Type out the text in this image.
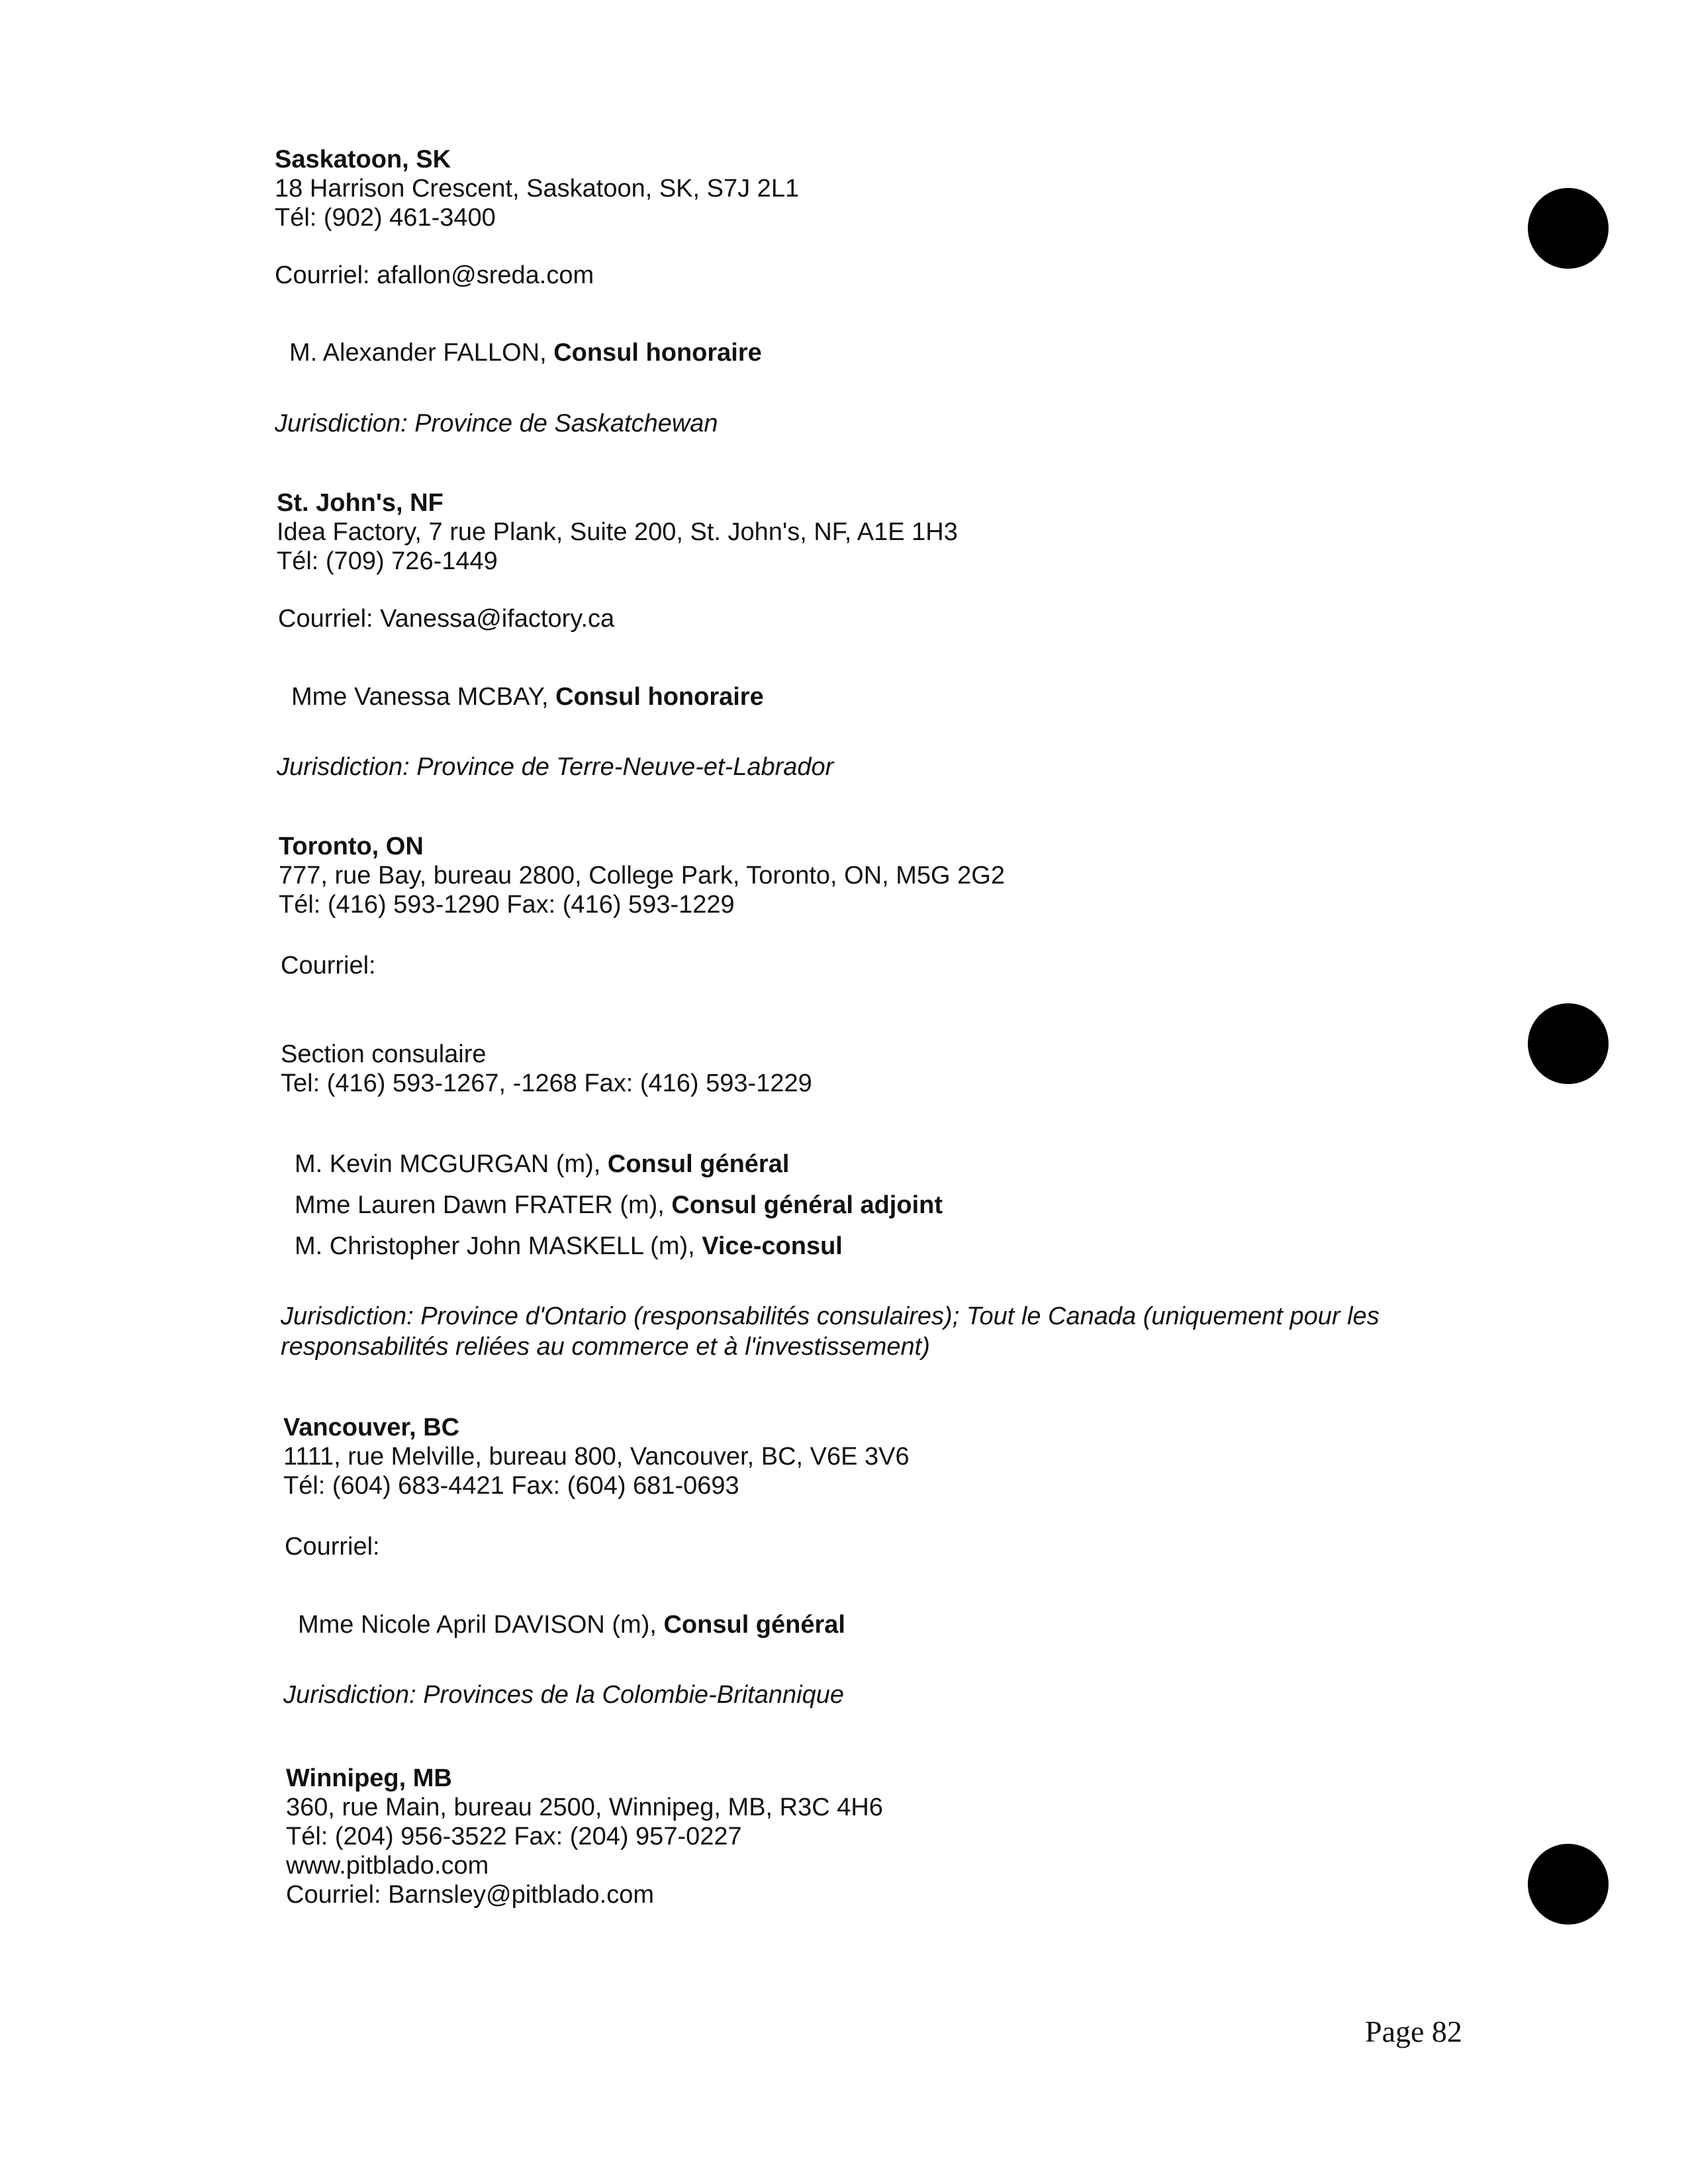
Saskatoon, SK
18 Harrison Crescent, Saskatoon, SK, S7J 2L1
Tél: (902) 461-3400
Courriel: afallon@sreda.com
M. Alexander FALLON, Consul honoraire
Jurisdiction: Province de Saskatchewan
St. John's, NF
Idea Factory, 7 rue Plank, Suite 200, St. John's, NF, A1E 1H3
Tél: (709) 726-1449
Courriel: Vanessa@ifactory.ca
Mme Vanessa MCBAY, Consul honoraire
Jurisdiction: Province de Terre-Neuve-et-Labrador
Toronto, ON
777, rue Bay, bureau 2800, College Park, Toronto, ON, M5G 2G2
Tél: (416) 593-1290 Fax: (416) 593-1229
Courriel:
Section consulaire
Tel: (416) 593-1267, -1268 Fax: (416) 593-1229
M. Kevin MCGURGAN (m), Consul général
Mme Lauren Dawn FRATER (m), Consul général adjoint
M. Christopher John MASKELL (m), Vice-consul
Jurisdiction: Province d'Ontario (responsabilités consulaires); Tout le Canada (uniquement pour les responsabilités reliées au commerce et à l'investissement)
Vancouver, BC
1111, rue Melville, bureau 800, Vancouver, BC, V6E 3V6
Tél: (604) 683-4421 Fax: (604) 681-0693
Courriel:
Mme Nicole April DAVISON (m), Consul général
Jurisdiction: Provinces de la Colombie-Britannique
Winnipeg, MB
360, rue Main, bureau 2500, Winnipeg, MB, R3C 4H6
Tél: (204) 956-3522 Fax: (204) 957-0227
www.pitblado.com
Courriel: Barnsley@pitblado.com
Page 82
